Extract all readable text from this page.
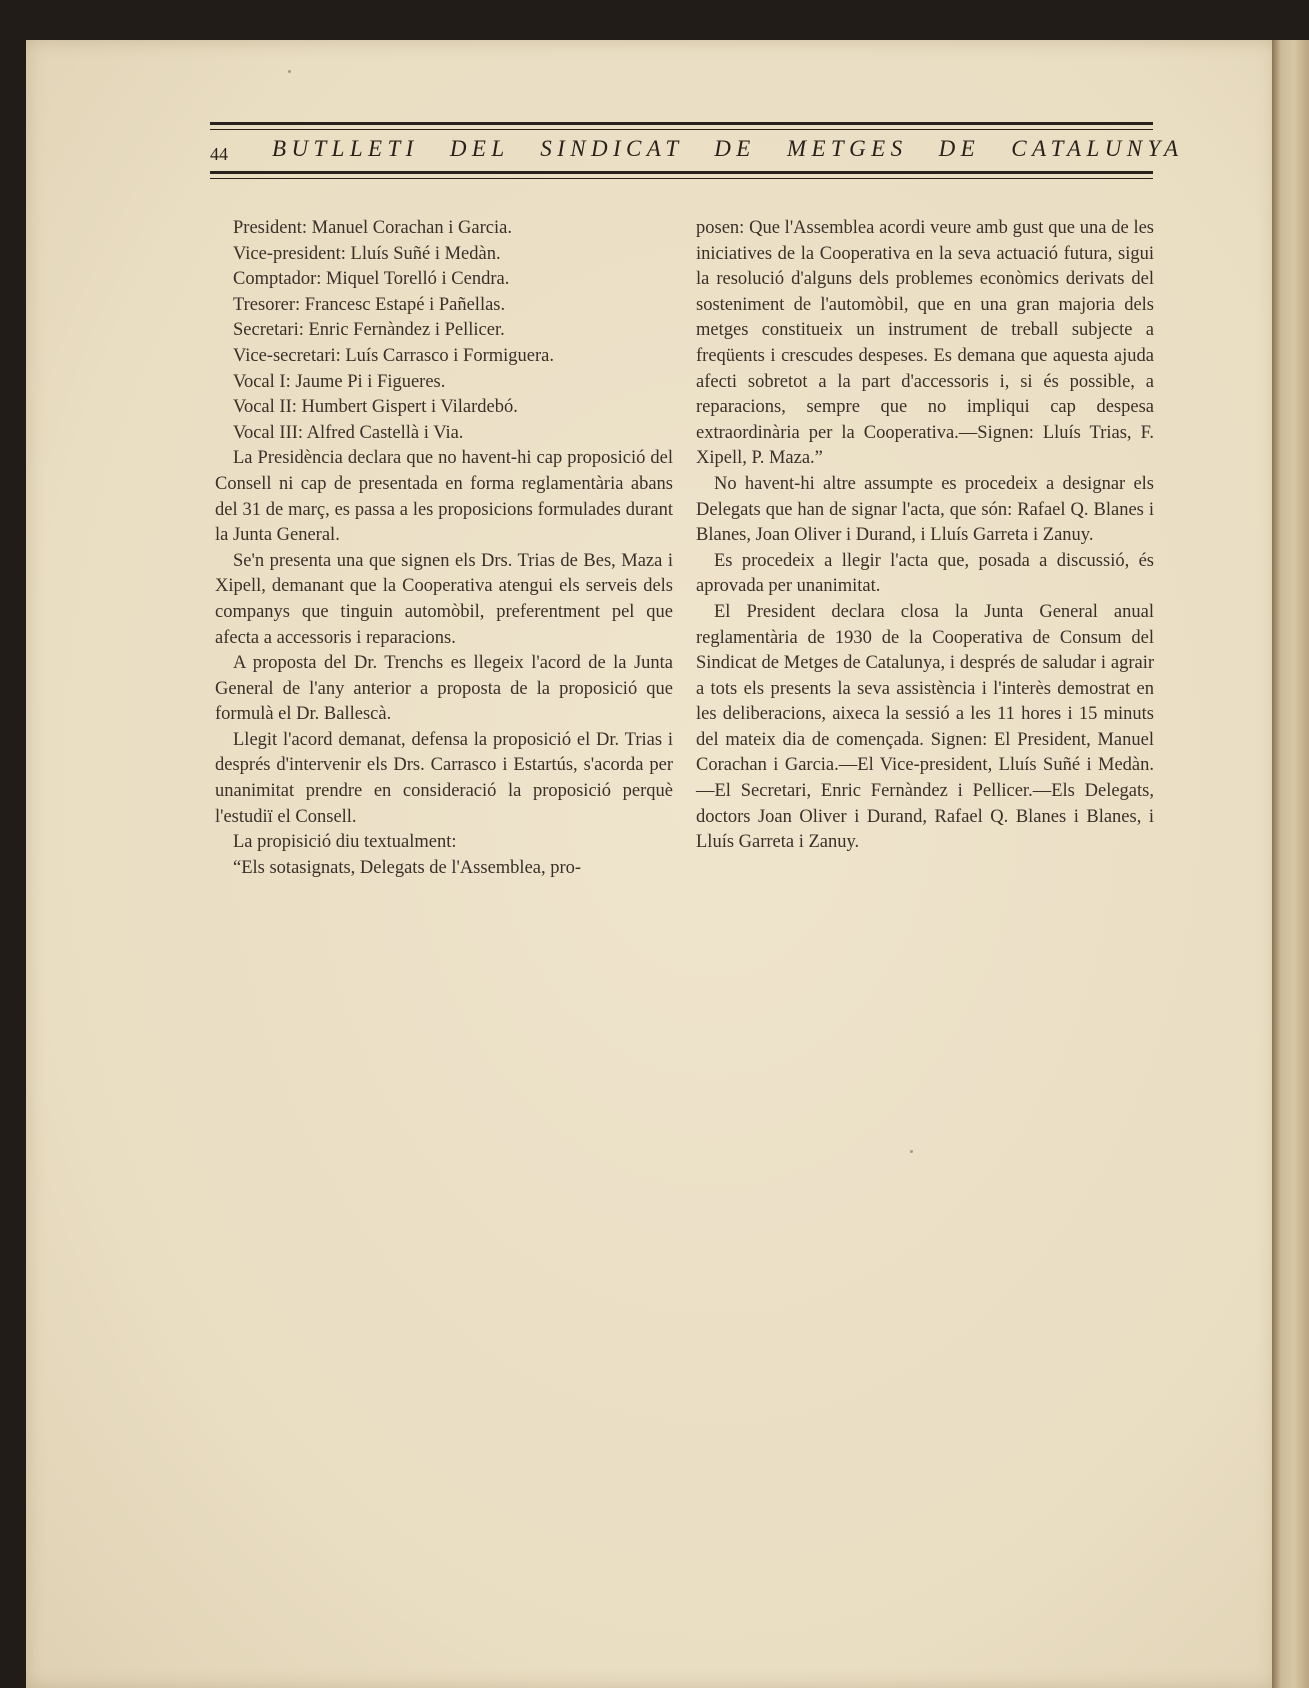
44 BUTLLETI DEL SINDICAT DE METGES DE CATALUNYA

President: Manuel Corachan i Garcia.

Vice-president: Lluís Suñé i Medàn.

Comptador: Miquel Torelló i Cendra.

Tresorer: Francesc Estapé i Pañellas.

Secretari: Enric Fernàndez i Pellicer.

Vice-secretari: Luís Carrasco i Formiguera.

Vocal I: Jaume Pi i Figueres.

Vocal II: Humbert Gispert i Vilardebó.

Vocal III: Alfred Castellà i Via.

La Presidència declara que no havent-hi cap proposició del Consell ni cap de presentada en forma reglamentària abans del 31 de març, es passa a les proposicions formulades durant la Junta General.

Se'n presenta una que signen els Drs. Trias de Bes, Maza i Xipell, demanant que la Cooperativa atengui els serveis dels companys que tinguin automòbil, preferentment pel que afecta a accessoris i reparacions.

A proposta del Dr. Trenchs es llegeix l'acord de la Junta General de l'any anterior a proposta de la proposició que formulà el Dr. Ballescà.

Llegit l'acord demanat, defensa la proposició el Dr. Trias i després d'intervenir els Drs. Carrasco i Estartús, s'acorda per unanimitat prendre en consideració la proposició perquè l'estudiï el Consell.

La propisició diu textualment:

“Els sotasignats, Delegats de l'Assemblea, pro-

posen: Que l'Assemblea acordi veure amb gust que una de les iniciatives de la Cooperativa en la seva actuació futura, sigui la resolució d'alguns dels problemes econòmics derivats del sosteniment de l'automòbil, que en una gran majoria dels metges constitueix un instrument de treball subjecte a freqüents i crescudes despeses. Es demana que aquesta ajuda afecti sobretot a la part d'accessoris i, si és possible, a reparacions, sempre que no impliqui cap despesa extraordinària per la Cooperativa.—Signen: Lluís Trias, F. Xipell, P. Maza.”

No havent-hi altre assumpte es procedeix a designar els Delegats que han de signar l'acta, que són: Rafael Q. Blanes i Blanes, Joan Oliver i Durand, i Lluís Garreta i Zanuy.

Es procedeix a llegir l'acta que, posada a discussió, és aprovada per unanimitat.

El President declara closa la Junta General anual reglamentària de 1930 de la Cooperativa de Consum del Sindicat de Metges de Catalunya, i després de saludar i agrair a tots els presents la seva assistència i l'interès demostrat en les deliberacions, aixeca la sessió a les 11 hores i 15 minuts del mateix dia de començada. Signen: El President, Manuel Corachan i Garcia.—El Vice-president, Lluís Suñé i Medàn.—El Secretari, Enric Fernàndez i Pellicer.—Els Delegats, doctors Joan Oliver i Durand, Rafael Q. Blanes i Blanes, i Lluís Garreta i Zanuy.
